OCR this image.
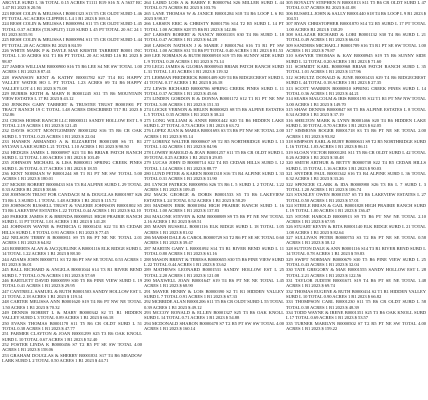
ARGYLE SUBD L 36 TOTAL 0.15 ACRES T1111 R19 S16 X A 5637 RC 1.47 B1 2023 $ 20.56

223 RESH COLIN & MELISSA I B0001323 S13 T5 CR OLDT SUBD L 46 PT TOTAL AC ACRES CLIPPER L L4 1 B1 2023 $ 169.14

224 RESH COLIN & MELISSA I B0000994 S11 T5 CR OLDT SUBD L 45 TOTAL 0.37 ACRES (T.R.SPLIT) 1120 SUBD L 45 PT TOTAL 20 AC 24 1 B1 2023 $155.91

225 RESH COLIN & MELISSA I B0000994 S11 T5 CR OLDT SUBD L 44 PT TOTAL 20 AC ACRES B1 2023 $ 84.59

226 WHITE MARK P & DAYLE MAE KRISTIE TARBERT B0001 INC TOTAL 1.10 ACRES S31 T1 R6 PT TOTAL 20 AC SUBD L16 B1 2023 $ 98.87

227 JAMES WILLIAM B0000900 S16 T5 R6 LEE S4 NE SW TOTAL 1.00 ACRES 1 B1 2023 $ 87.41

228 SWANSON KENT & KATHY B0001782 S27 T14 RG HAPPY VALLEY WATER HO L PT TOTAL 1.23 ACRES S9 T4 R6 HAPPY VALLEY LOT 4 1 B1 2023 $ 75.08

229 BURRIS KEITH & MARY R B0001245 S31 T5 R6 MOUNTAIN VIEW ESTATES L 17 B1 2023 $ 43.12

230 JENKINS GARY TARBERT & TRUSTEE TRUST B0001901 PT TRACT RANCH 19 C TOTAL 1.48 ACRES DESCRIBED T17 B1 2023 $ 132.86

231 CROSS HORSE RANCH LLC B0000311 SANDY HOLLOW EST L 9 TOTAL 2.19 ACRES 1 B1 2023 $ 121.45

232 DAVIS SCOTT MONTGOMERY B0001282 S16 T5 R6 CR OAK SUBD L 5 TOTAL 0.23 ACRES 1 B1 2023 $ 22.04

233 HANSEN ARMANDO A & ELIZABETH B0001388 S6 T1 R1 SYLVAN LAKE SUBD L 21 TOTAL 1.10 ACRES 1 B1 2023 $ 90.50

234 HEDGES JAMES L B0000987 S23 T4 R6 BRIAR PATCH RANCH SUBD L 12 TOTAL 1.00 ACRES 1 B1 2023 $ 103.49

235 JOHNSON MICHAEL & LISA B0000811 SPRING CREEK PINES SUBD L 26 TOTAL 0.17 ACRES 1 B1 2023 $ 18.55

236 KENT NORMAN W B0001244 S8 T1 R1 PT NE SW TOTAL 5.00 ACRES 1 B1 2023 $ 180.01

237 MCKEE ROBERT B0000433 S16 T3 R4 ALPINE SUBD L 29 TOTAL 0.33 ACRES B1 2023 $ 38.66

238 JOHNSON TRUST FOR CANDACE M & DOUGLAS B0001987 S26 T3 R6 L 3 SUBD L 1 TOTAL 1.48 ACRES 1 B1 2023 $ 115.72

239 JOHNSON RUSSELL TRUST & VALERIE JOHNSON B0001802 S5 T3 R6 LAKEVIEW ESTATES L 22 TOTAL 0.44 ACRES 1 B1 2023 $ 62.10

240 PARKER JAMES E & BRENDA B0000921 HIGH PRAIRIE RANCH SUBD L 11 PT TOTAL 1.01 ACRES 1 B1 2023 $ 141.28

241 JOHNSON WAYNE & PATRICIA G B0001431 S22 T4 R5 CEDAR HILLS SUBD L 8 TOTAL 0.91 ACRES 1 B1 2023 $ 77.45

242 NELSON TERRY R B0000811 S9 T5 R6 PT NE NE TOTAL 2.01 ACRES 1 B1 2023 $ 64.82

243 ROBERTS ALAN & JACQUELINE A B0001116 ELK RIDGE SUBD L 14 TOTAL 1.22 ACRES 1 B1 2023 $ 88.30

244 ADAMS JOHN B0000711 S3 T2 R6 PT SW SE TOTAL 0.53 ACRES 1 B1 2023 $ 36.01

245 BALL RICHARD & ANGELA B0001044 S14 T3 R1 RIVER BEND SUBD L 7 TOTAL 0.76 ACRES 1 B1 2023 $ 57.69

246 BARTLETT DAVID B0000599 S30 T5 R6 PINE VIEW SUBD L 19 TOTAL 0.41 ACRES 1 B1 2023 $ 29.95

247 CANTRELL SAMUEL & RUTH B0001503 SANDY HOLLOW EST L 21 TOTAL 2.18 ACRES 1 B1 2023 $ 119.14

248 CARTER MELISSA ANN B0001620 S19 T4 R6 PT NW NE TOTAL 1.50 ACRES 1 B1 2023 $ 70.32

249 DENNIS ROBERT L & MARY B0000342 S2 T1 R1 HIDDEN VALLEY SUBD L 3 TOTAL 0.89 ACRES 1 B1 2023 $ 66.18

250 EVANS THOMAS B0001178 S11 T5 R6 CR OLDT SUBD L 51 TOTAL 0.38 ACRES 1 B1 2023 $ 47.77

251 FARMER CLAYTON & JOAN B0001299 S25 T3 R6 OAK KNOLL SUBD L 10 TOTAL 0.67 ACRES 1 B1 2023 $ 52.40

252 FOSTER LINDA K B0000456 S7 T2 R5 PT SE SW TOTAL 4.00 ACRES 1 B1 2023 $ 158.06

253 GRAHAM DOUGLAS & SHERRY B0001831 S17 T4 R6 MEADOW LARK SUBD L 2 TOTAL 0.50 ACRES 1 B1 2023 $ 44.71

264 LAIRD LOIS A & BARRY E B0000764 S26 MILLER SUBD L 44 TOTAL 0.73 ACRES B1 2023 $ 103.76

265 LANE THOMAS W & JANICE B0001284 S18 T4 R6 LOOP L 6 B1 2023 $ 98.37

266 LARSEN ERIC & CHRISTY B0001756 S14 T2 R5 SUBD L 14 PT TOTAL 1.00 ACRES S28 T5 R6 B1 2023 $ 142.86

267 LARSEN ROBERT & NANCY B0001103 S30 T4 R6 SUBD L 18 TOTAL 0.47 ACRES 1 B1 2023 $ 64.28

268 LARSON NATHAN J & MARIE J B0001764 S16 T3 R1 PT SW TOTAL 1.00 ACRES S31 T4 R6 PT TOTAL 0.40 ACRES 1 B1 2023 $ 81.53

269 LEE NORMAN & RUTH B0000918 S19 T5 R6 SUNNY SIDE SUBD L 9 TOTAL 0.20 ACRES 1 B1 2023 $ 73.14

270 LEGG JAMES & GLORIA B0000943 BRIAR PATCH RANCH SUBD L 31 TOTAL 1.01 ACRES 1 B1 2023 $ 119.32

271 LEHMAN FREDERICK B0001409 S29 T4 R6 RIDGECREST SUBD L 41 TOTAL 0.17 ACRES 1 B1 2023 $ 26.18

272 LEWIS RICHARD B0000786 SPRING CREEK PINES SUBD L 11 TOTAL 0.37 ACRES 1 B1 2023 $ 45.66

273 LINDEN GORDON R & DONNA B0001172 S12 T1 R1 PT NE NW TOTAL 3.00 ACRES 1 B1 2023 $ 151.33

274 LOCKE VERNON & HELEN B0000823 S8 T5 R6 ALPINE ESTATES L 5 TOTAL 0.35 ACRES 1 B1 2023 $ 38.24

275 LONG WILLIAM & ANNE B0001442 S20 T4 R6 HIDDEN LAKE SUBD L 27 TOTAL 0.73 ACRES 1 B1 2023 $ 63.72

276 LOPEZ JUAN & MARIA B0001693 S3 T3 R6 PT NW SE TOTAL 2.00 ACRES 1 B1 2023 $ 95.14

277 LORENZ WALTER B0000607 S9 T2 R5 NORTHRIDGE SUBD L 13 TOTAL 1.02 ACRES 1 B1 2023 $ 84.96

278 LOWRY HAROLD & JEAN B0001257 S11 T5 R6 CR OLDT SUBD L 39 TOTAL 0.25 ACRES 1 B1 2023 $ 29.05

279 LUCAS JOHN D B0000714 S22 T4 R5 CEDAR HILLS SUBD L 12 TOTAL 1.14 ACRES 1 B1 2023 $ 88.77

280 LUND PETER & KAREN B0001318 S16 T3 R4 ALPINE SUBD L 33 TOTAL 0.31 ACRES 1 B1 2023 $ 31.90

281 LYNCH PATRICK B0000956 S26 T3 R6 L 5 SUBD L 2 TOTAL 1.22 ACRES 1 B1 2023 $ 109.45

282 MACK GEORGE & DORIS B0001533 S5 T3 R6 LAKEVIEW ESTATES L 24 TOTAL 0.52 ACRES 1 B1 2023 $ 58.29

283 MADSEN ERIK B0001804 HIGH PRAIRIE RANCH SUBD L 16 TOTAL 1.00 ACRES 1 B1 2023 $ 137.83

284 MALONE STEVEN & KIM B0000889 S9 T5 R6 PT NE NW TOTAL 2.16 ACRES 1 B1 2023 $ 69.51

285 MANN RUSSELL B0001116 ELK RIDGE SUBD L 18 TOTAL 1.05 ACRES 1 B1 2023 $ 81.02

286 MARSH DALE & CAROL B0000729 S3 T2 R6 PT SE SE TOTAL 0.60 ACRES 1 B1 2023 $ 39.47

287 MARTIN GARY L B0001092 S14 T3 R1 RIVER BEND SUBD L 11 TOTAL 0.80 ACRES 1 B1 2023 $ 61.16

288 MASON BRENT & TERESA B0000655 S30 T5 R6 PINE VIEW SUBD L 22 TOTAL 0.44 ACRES 1 B1 2023 $ 33.62

289 MATHEWS LEONARD B0001531 SANDY HOLLOW EST L 25 TOTAL 2.20 ACRES 1 B1 2023 $ 121.08

290 MAXWELL JOAN B0001647 S19 T4 R6 PT NE NE TOTAL 1.45 ACRES 1 B1 2023 $ 68.90

291 MAYER HENRY & LOIS B0000390 S2 T1 R1 HIDDEN VALLEY SUBD L 7 TOTAL 0.91 ACRES 1 B1 2023 $ 67.33

292 MCBRIDE ALAN B0001206 S11 T5 R6 CR OLDT SUBD L 55 TOTAL 0.39 ACRES 1 B1 2023 $ 49.12

293 MCCOY RONALD & ELLEN B0001327 S25 T3 R6 OAK KNOLL SUBD L 14 TOTAL 0.71 ACRES 1 B1 2023 $ 54.88

294 MCDONALD SHARON B0000478 S7 T2 R5 PT SW SW TOTAL 4.00 ACRES 1 B1 2023 $ 160.14

305 ROYALTY STEPHEN N B0001813 S11 T5 R6 CR OLDT SUBD L 47 TOTAL 0.37 ACRES B1 2023 $ 41.08

306 RUSSELL JOHN & SALLY B0001440 S18 T4 R6 LOOP L 9 B1 2023 $ 104.51

307 RYAN CHRISTOPHER B0001870 S14 T2 R5 SUBD L 17 PT TOTAL 1.00 ACRES B1 2023 $ 138.29

308 SALAZAR RICHARD & LORI B0001132 S30 T4 R6 SUBD L 21 TOTAL 0.49 ACRES 1 B1 2023 $ 66.04

309 SANDERS MICHAEL J B0001789 S16 T3 R1 PT SE SW TOTAL 1.00 ACRES 1 B1 2023 $ 79.87

310 SAWYER THOMAS & KAY B0000945 S19 T5 R6 SUNNY SIDE SUBD L 12 TOTAL 0.20 ACRES 1 B1 2023 $ 71.60

311 SCHMIDT KARL B0000968 BRIAR PATCH RANCH SUBD L 35 TOTAL 1.01 ACRES 1 B1 2023 $ 117.96

312 SCHULTZ DONALD & JUNE B0001433 S29 T4 R6 RIDGECREST SUBD L 44 TOTAL 0.18 ACRES 1 B1 2023 $ 27.35

313 SCOTT WARREN B0000810 SPRING CREEK PINES SUBD L 14 TOTAL 0.36 ACRES 1 B1 2023 $ 44.21

314 SEARS MALCOLM & IRIS B0001195 S12 T1 R1 PT NW NW TOTAL 3.00 ACRES 1 B1 2023 $ 149.70

315 SHAW DENNIS B0000847 S8 T5 R6 ALPINE ESTATES L 8 TOTAL 0.34 ACRES 1 B1 2023 $ 37.19

316 SHELTON MARK & LYNN B0001466 S20 T4 R6 HIDDEN LAKE SUBD L 30 TOTAL 0.70 ACRES 1 B1 2023 $ 62.05

317 SIMMONS ROGER B0001718 S3 T3 R6 PT NE SE TOTAL 2.00 ACRES 1 B1 2023 $ 93.82

318 SIMPSON EARL & RUBY B0000631 S9 T2 R5 NORTHRIDGE SUBD L 16 TOTAL 1.03 ACRES 1 B1 2023 $ 86.11

319 SLOAN VICTOR B0001281 S11 T5 R6 CR OLDT SUBD L 42 TOTAL 0.26 ACRES 1 B1 2023 $ 30.48

320 SMITH ARTHUR & BETTY B0000738 S22 T4 R5 CEDAR HILLS SUBD L 15 TOTAL 1.16 ACRES 1 B1 2023 $ 90.03

321 SNYDER PAUL B0001342 S16 T3 R4 ALPINE SUBD L 36 TOTAL 0.32 ACRES 1 B1 2023 $ 33.26

322 SPENCER CLARK & IDA B0000980 S26 T3 R6 L 7 SUBD L 3 TOTAL 1.20 ACRES 1 B1 2023 $ 106.74

323 STANLEY OWEN B0001557 S5 T3 R6 LAKEVIEW ESTATES L 27 TOTAL 0.50 ACRES 1 B1 2023 $ 57.01

324 STEELE BRIAN & GAIL B0001828 HIGH PRAIRIE RANCH SUBD L 19 TOTAL 1.00 ACRES 1 B1 2023 $ 136.47

325 STONE HAROLD B0000913 S9 T5 R6 PT NW NE TOTAL 2.10 ACRES 1 B1 2023 $ 67.95

326 STUART KEVIN & RITA B0001140 ELK RIDGE SUBD L 21 TOTAL 1.08 ACRES 1 B1 2023 $ 82.64

327 SULLIVAN PETER B0000753 S3 T2 R6 PT NE SE TOTAL 0.58 ACRES 1 B1 2023 $ 38.12

328 SUTTON DALE & ANN B0001116 S14 T3 R1 RIVER BEND SUBD L 14 TOTAL 0.78 ACRES 1 B1 2023 $ 59.83

329 SWIFT NORMAN B0000679 S30 T5 R6 PINE VIEW SUBD L 25 TOTAL 0.43 ACRES 1 B1 2023 $ 32.04

330 TATE GREGORY & MAE B0001555 SANDY HOLLOW EST L 28 TOTAL 2.21 ACRES 1 B1 2023 $ 122.56

331 TAYLOR JUDITH B0001671 S19 T4 R6 PT SE NE TOTAL 1.48 ACRES 1 B1 2023 $ 69.74

332 THOMAS EUGENE & RUTH B0000414 S2 T1 R1 HIDDEN VALLEY SUBD L 10 TOTAL 0.90 ACRES 1 B1 2023 $ 66.82

333 THOMPSON CARL B0001230 S11 T5 R6 CR OLDT SUBD L 58 TOTAL 0.38 ACRES 1 B1 2023 $ 48.39

334 TODD WAYNE & IRENE B0001351 S25 T3 R6 OAK KNOLL SUBD L 17 TOTAL 0.69 ACRES 1 B1 2023 $ 53.57

335 TURNER MARILYN B0000502 S7 T2 R5 PT NE SW TOTAL 4.00 ACRES 1 B1 2023 $ 159.22
